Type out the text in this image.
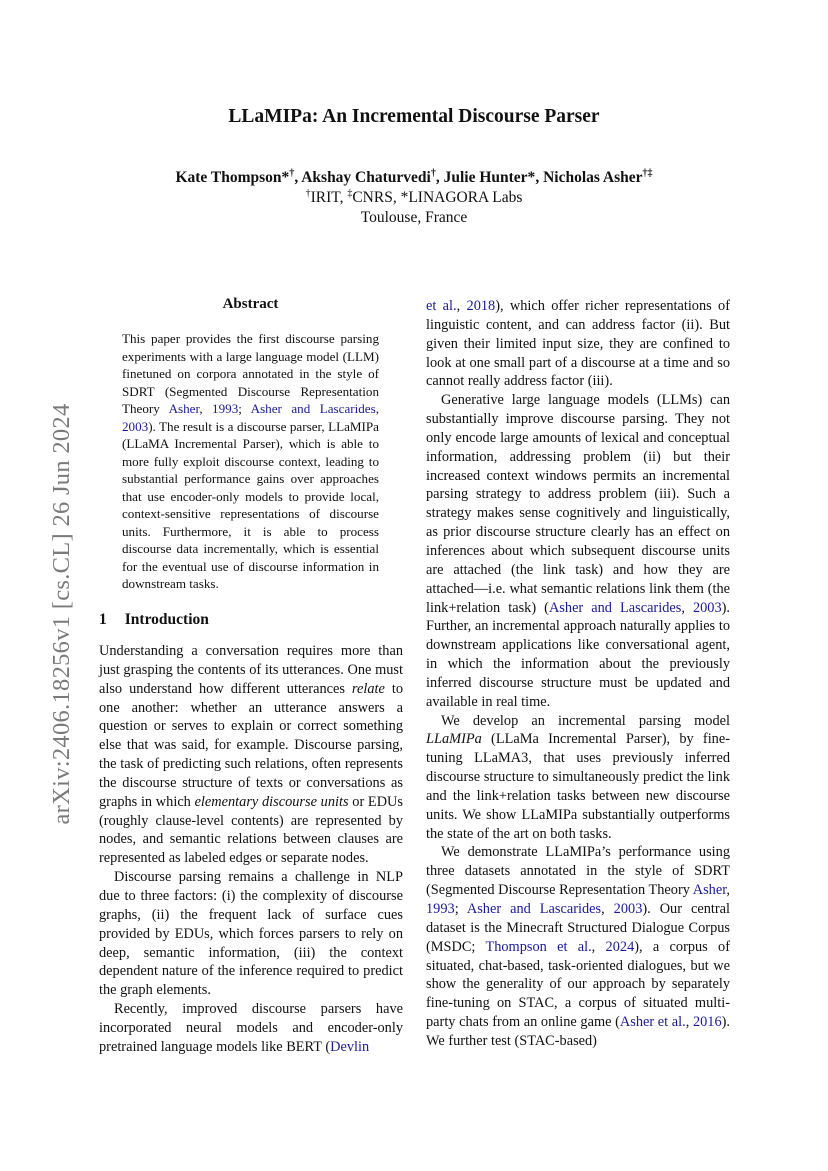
LLaMIPa: An Incremental Discourse Parser
Kate Thompson*†, Akshay Chaturvedi†, Julie Hunter*, Nicholas Asher†‡
†IRIT, ‡CNRS, *LINAGORA Labs
Toulouse, France
arXiv:2406.18256v1 [cs.CL] 26 Jun 2024
Abstract

This paper provides the first discourse parsing experiments with a large language model (LLM) finetuned on corpora annotated in the style of SDRT (Segmented Discourse Representation Theory Asher, 1993; Asher and Lascarides, 2003). The result is a discourse parser, LLaMIPa (LLaMA Incremental Parser), which is able to more fully exploit discourse context, leading to substantial performance gains over approaches that use encoder-only models to provide local, context-sensitive representations of discourse units. Furthermore, it is able to process discourse data incrementally, which is essential for the eventual use of discourse information in downstream tasks.

1 Introduction

Understanding a conversation requires more than just grasping the contents of its utterances. One must also understand how different utterances relate to one another: whether an utterance answers a question or serves to explain or correct something else that was said, for example. Discourse parsing, the task of predicting such relations, often represents the discourse structure of texts or conversations as graphs in which elementary discourse units or EDUs (roughly clause-level contents) are represented by nodes, and semantic relations between clauses are represented as labeled edges or separate nodes.

Discourse parsing remains a challenge in NLP due to three factors: (i) the complexity of discourse graphs, (ii) the frequent lack of surface cues provided by EDUs, which forces parsers to rely on deep, semantic information, (iii) the context dependent nature of the inference required to predict the graph elements.

Recently, improved discourse parsers have incorporated neural models and encoder-only pretrained language models like BERT (Devlin

et al., 2018), which offer richer representations of linguistic content, and can address factor (ii). But given their limited input size, they are confined to look at one small part of a discourse at a time and so cannot really address factor (iii).

Generative large language models (LLMs) can substantially improve discourse parsing. They not only encode large amounts of lexical and conceptual information, addressing problem (ii) but their increased context windows permits an incremental parsing strategy to address problem (iii). Such a strategy makes sense cognitively and linguistically, as prior discourse structure clearly has an effect on inferences about which subsequent discourse units are attached (the link task) and how they are attached—i.e. what semantic relations link them (the link+relation task) (Asher and Lascarides, 2003). Further, an incremental approach naturally applies to downstream applications like conversational agent, in which the information about the previously inferred discourse structure must be updated and available in real time.

We develop an incremental parsing model LLaMIPa (LLaMa Incremental Parser), by fine-tuning LLaMA3, that uses previously inferred discourse structure to simultaneously predict the link and the link+relation tasks between new discourse units. We show LLaMIPa substantially outperforms the state of the art on both tasks.

We demonstrate LLaMIPa’s performance using three datasets annotated in the style of SDRT (Segmented Discourse Representation Theory Asher, 1993; Asher and Lascarides, 2003). Our central dataset is the Minecraft Structured Dialogue Corpus (MSDC; Thompson et al., 2024), a corpus of situated, chat-based, task-oriented dialogues, but we show the generality of our approach by separately fine-tuning on STAC, a corpus of situated multi-party chats from an online game (Asher et al., 2016). We further test (STAC-based)
